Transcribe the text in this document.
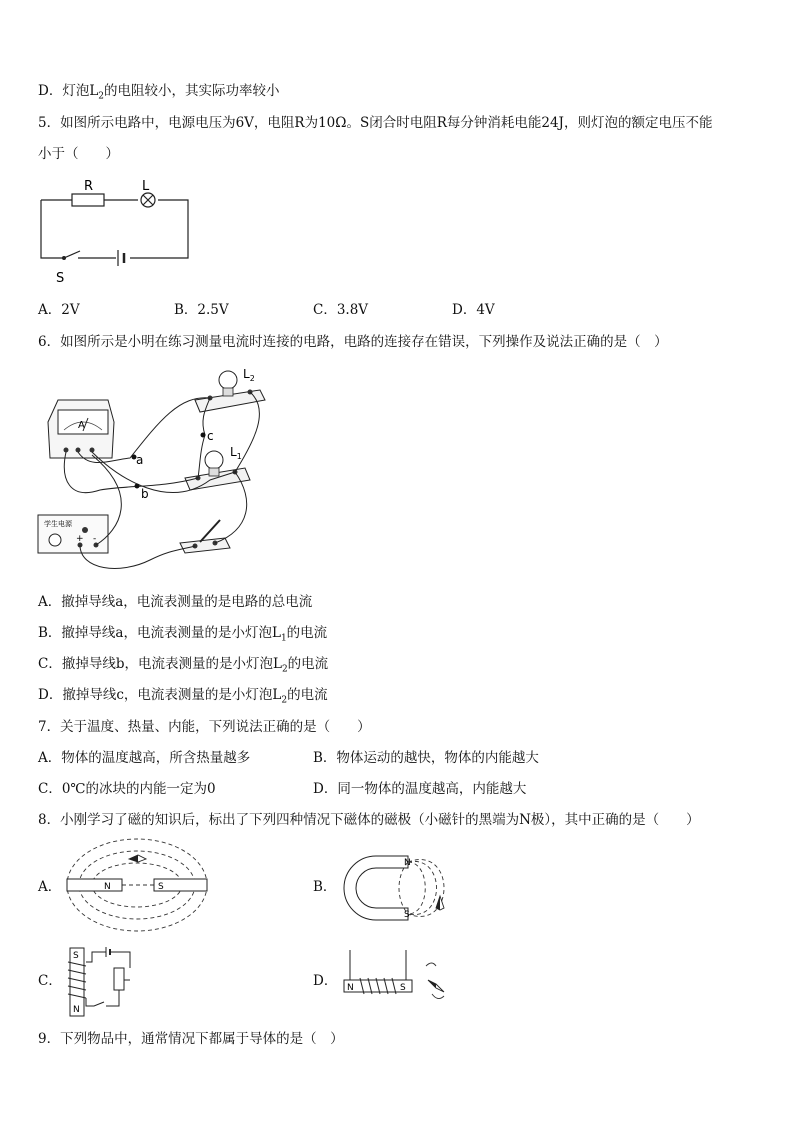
D．灯泡$L_2$的电阻较小，其实际功率较小
5．如图所示电路中，电源电压为6V，电阻R为10Ω。S闭合时电阻R每分钟消耗电能24J，则灯泡的额定电压不能
小于（　　）
R	L
S
A．2V	B．2.5V	C．3.8V	D．4V
6．如图所示是小明在练习测量电流时连接的电路，电路的连接存在错误，下列操作及说法正确的是（　）
A
$L_2$
$L_1$
学生电源
+ -
a
b
c
A．撤掉导线a，电流表测量的是电路的总电流
B．撤掉导线a，电流表测量的是小灯泡$L_1$的电流
C．撤掉导线b，电流表测量的是小灯泡$L_2$的电流
D．撤掉导线c，电流表测量的是小灯泡$L_2$的电流
7．关于温度、热量、内能，下列说法正确的是（　　）
A．物体的温度越高，所含热量越多	B．物体运动的越快，物体的内能越大
C．0℃的冰块的内能一定为0	D．同一物体的温度越高，内能越大
8．小刚学习了磁的知识后，标出了下列四种情况下磁体的磁极（小磁针的黑端为N极），其中正确的是（　　）
A．	N	S	B．
N
S
C．
S
N
D． N	S
9．下列物品中，通常情况下都属于导体的是（　）
